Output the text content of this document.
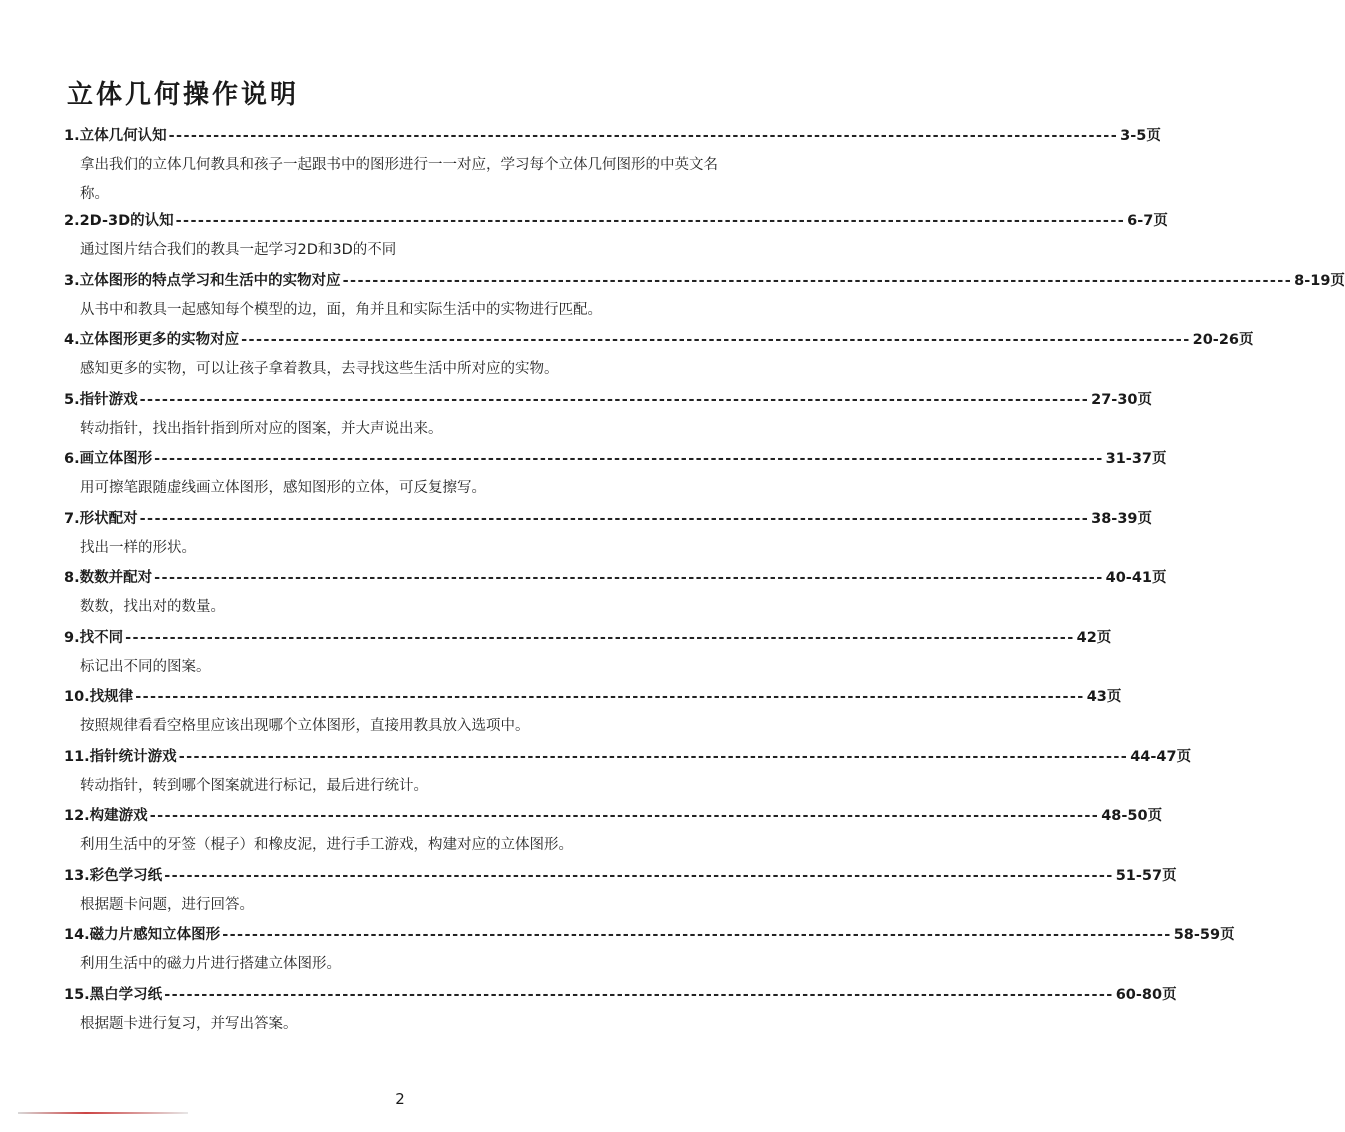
立体几何操作说明
1.立体几何认知 -------------------------------------------------------------------------------------------------------------------------------- 3-5页
拿出我们的立体几何教具和孩子一起跟书中的图形进行一一对应，学习每个立体几何图形的中英文名称。
2.2D-3D的认知 -------------------------------------------------------------------------------------------------------------------------------- 6-7页
通过图片结合我们的教具一起学习2D和3D的不同
3.立体图形的特点学习和生活中的实物对应 -------------------------------------------------------------------------------------------------------------------------------- 8-19页
从书中和教具一起感知每个模型的边，面，角并且和实际生活中的实物进行匹配。
4.立体图形更多的实物对应 -------------------------------------------------------------------------------------------------------------------------------- 20-26页
感知更多的实物，可以让孩子拿着教具，去寻找这些生活中所对应的实物。
5.指针游戏 -------------------------------------------------------------------------------------------------------------------------------- 27-30页
转动指针，找出指针指到所对应的图案，并大声说出来。
6.画立体图形 -------------------------------------------------------------------------------------------------------------------------------- 31-37页
用可擦笔跟随虚线画立体图形，感知图形的立体，可反复擦写。
7.形状配对 -------------------------------------------------------------------------------------------------------------------------------- 38-39页
找出一样的形状。
8.数数并配对 -------------------------------------------------------------------------------------------------------------------------------- 40-41页
数数，找出对的数量。
9.找不同 -------------------------------------------------------------------------------------------------------------------------------- 42页
标记出不同的图案。
10.找规律 -------------------------------------------------------------------------------------------------------------------------------- 43页
按照规律看看空格里应该出现哪个立体图形，直接用教具放入选项中。
11.指针统计游戏 -------------------------------------------------------------------------------------------------------------------------------- 44-47页
转动指针，转到哪个图案就进行标记，最后进行统计。
12.构建游戏 -------------------------------------------------------------------------------------------------------------------------------- 48-50页
利用生活中的牙签（棍子）和橡皮泥，进行手工游戏，构建对应的立体图形。
13.彩色学习纸 -------------------------------------------------------------------------------------------------------------------------------- 51-57页
根据题卡问题，进行回答。
14.磁力片感知立体图形 -------------------------------------------------------------------------------------------------------------------------------- 58-59页
利用生活中的磁力片进行搭建立体图形。
15.黑白学习纸 -------------------------------------------------------------------------------------------------------------------------------- 60-80页
根据题卡进行复习，并写出答案。
2
